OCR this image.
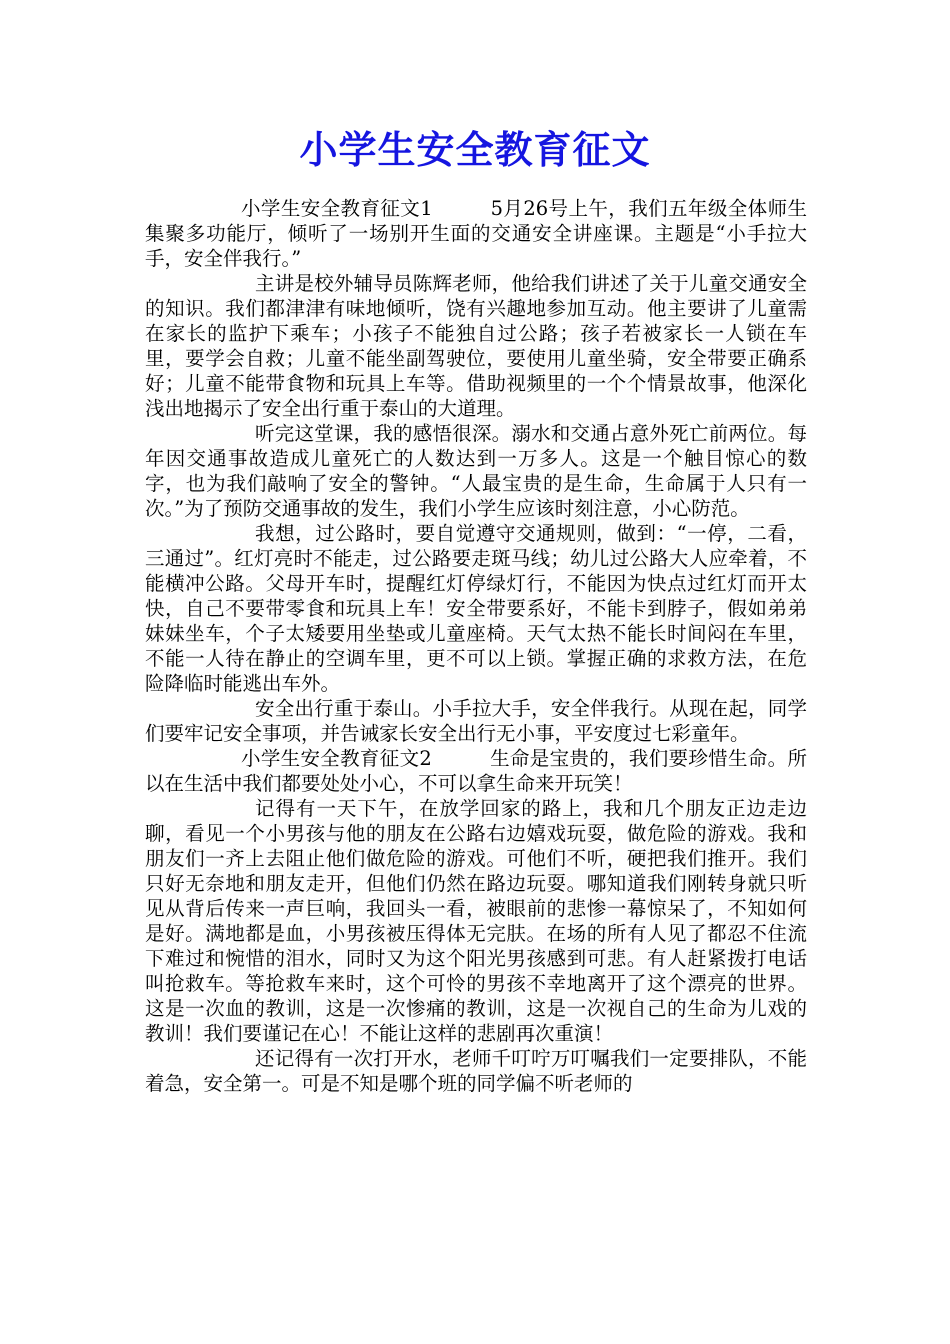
小学生安全教育征文

小学生安全教育征文1	5月26号上午，我们五年级全体师生集聚多功能厅，倾听了一场别开生面的交通安全讲座课。主题是“小手拉大手，安全伴我行。”

主讲是校外辅导员陈辉老师，他给我们讲述了关于儿童交通安全的知识。我们都津津有味地倾听，饶有兴趣地参加互动。他主要讲了儿童需在家长的监护下乘车；小孩子不能独自过公路；孩子若被家长一人锁在车里，要学会自救；儿童不能坐副驾驶位，要使用儿童坐骑，安全带要正确系好；儿童不能带食物和玩具上车等。借助视频里的一个个情景故事，他深化浅出地揭示了安全出行重于泰山的大道理。

听完这堂课，我的感悟很深。溺水和交通占意外死亡前两位。每年因交通事故造成儿童死亡的人数达到一万多人。这是一个触目惊心的数字，也为我们敲响了安全的警钟。“人最宝贵的是生命，生命属于人只有一次。”为了预防交通事故的发生，我们小学生应该时刻注意，小心防范。

我想，过公路时，要自觉遵守交通规则，做到：“一停，二看，三通过”。红灯亮时不能走，过公路要走斑马线；幼儿过公路大人应牵着，不能横冲公路。父母开车时，提醒红灯停绿灯行，不能因为快点过红灯而开太快，自己不要带零食和玩具上车！安全带要系好，不能卡到脖子，假如弟弟妹妹坐车，个子太矮要用坐垫或儿童座椅。天气太热不能长时间闷在车里，不能一人待在静止的空调车里，更不可以上锁。掌握正确的求救方法，在危险降临时能逃出车外。

安全出行重于泰山。小手拉大手，安全伴我行。从现在起，同学们要牢记安全事项，并告诫家长安全出行无小事，平安度过七彩童年。

小学生安全教育征文2	生命是宝贵的，我们要珍惜生命。所以在生活中我们都要处处小心，不可以拿生命来开玩笑！

记得有一天下午，在放学回家的路上，我和几个朋友正边走边聊，看见一个小男孩与他的朋友在公路右边嬉戏玩耍，做危险的游戏。我和朋友们一齐上去阻止他们做危险的游戏。可他们不听，硬把我们推开。我们只好无奈地和朋友走开，但他们仍然在路边玩耍。哪知道我们刚转身就只听见从背后传来一声巨响，我回头一看，被眼前的悲惨一幕惊呆了，不知如何是好。满地都是血，小男孩被压得体无完肤。在场的所有人见了都忍不住流下难过和惋惜的泪水，同时又为这个阳光男孩感到可悲。有人赶紧拨打电话叫抢救车。等抢救车来时，这个可怜的男孩不幸地离开了这个漂亮的世界。这是一次血的教训，这是一次惨痛的教训，这是一次视自己的生命为儿戏的教训！我们要谨记在心！不能让这样的悲剧再次重演！

还记得有一次打开水，老师千叮咛万叮嘱我们一定要排队，不能着急，安全第一。可是不知是哪个班的同学偏不听老师的
